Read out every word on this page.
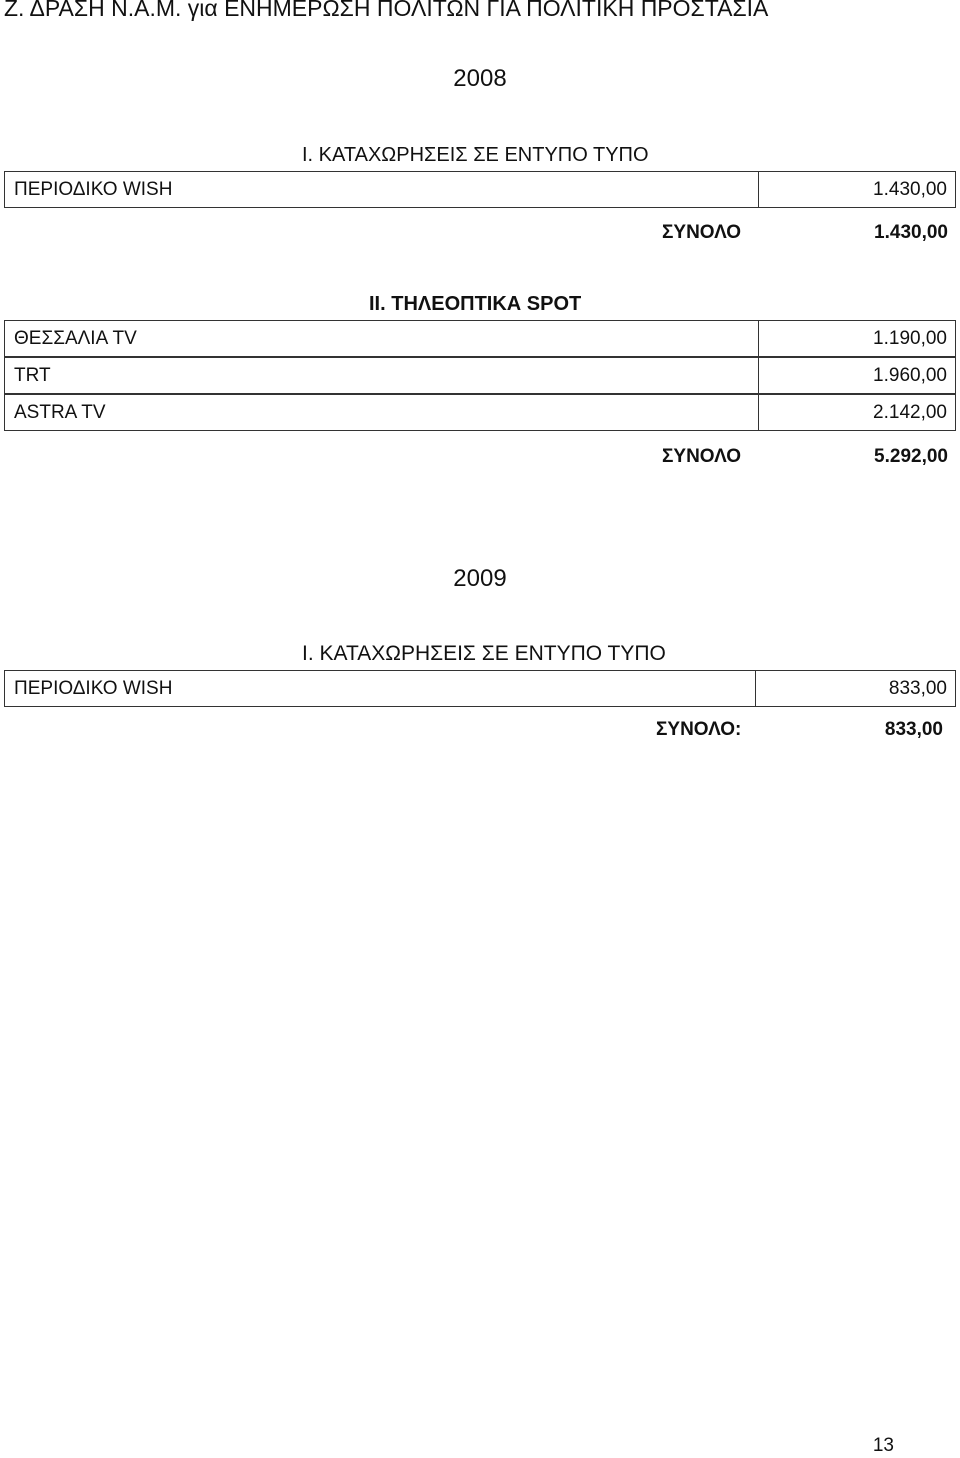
Ζ. ΔΡΑΣΗ Ν.Α.Μ. για ΕΝΗΜΕΡΩΣΗ ΠΟΛΙΤΩΝ ΓΙΑ ΠΟΛΙΤΙΚΗ ΠΡΟΣΤΑΣΙΑ
2008
Ι. ΚΑΤΑΧΩΡΗΣΕΙΣ ΣΕ ΕΝΤΥΠΟ ΤΥΠΟ
ΠΕΡΙΟΔΙΚΟ WISH	1.430,00
ΣΥΝΟΛΟ	1.430,00
ΙΙ. ΤΗΛΕΟΠΤΙΚΑ SPOT
ΘΕΣΣΑΛΙΑ TV	1.190,00
TRT	1.960,00
ASTRA TV	2.142,00
ΣΥΝΟΛΟ	5.292,00
2009
Ι. ΚΑΤΑΧΩΡΗΣΕΙΣ ΣΕ ΕΝΤΥΠΟ ΤΥΠΟ
ΠΕΡΙΟΔΙΚΟ WISH	833,00
ΣΥΝΟΛΟ:	833,00
13
